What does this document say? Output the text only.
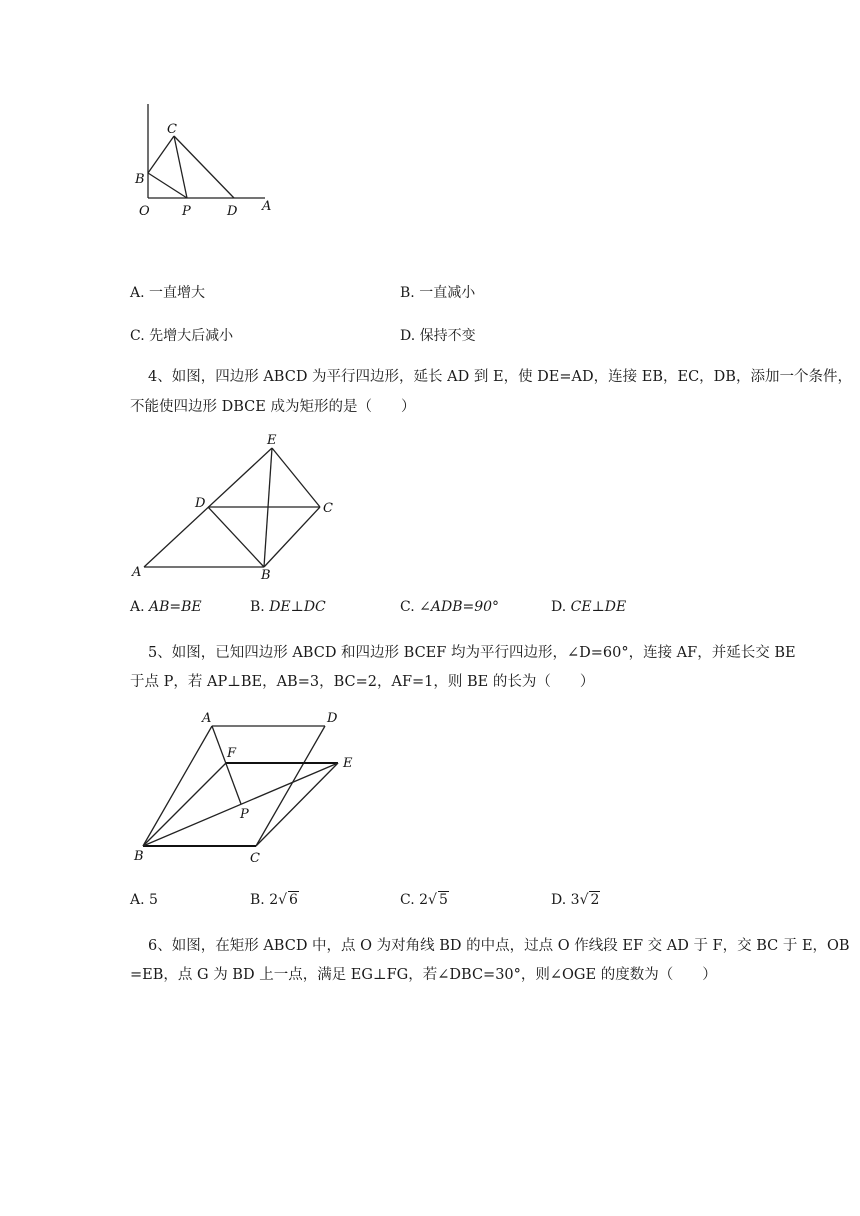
C
B
O P	D A
A. 一直增大	B. 一直减小
C. 先增大后减小	D. 保持不变
4、如图，四边形 ABCD 为平行四边形，延长 AD 到 E，使 DE=AD，连接 EB，EC，DB，添加一个条件，
不能使四边形 DBCE 成为矩形的是（　　）
E
D	C
A	B
A. AB=BE	B. DE⊥DC	C. ∠ADB=90°	D. CE⊥DE
5、如图，已知四边形 ABCD 和四边形 BCEF 均为平行四边形，∠D=60°，连接 AF，并延长交 BE
于点 P，若 AP⊥BE，AB=3，BC=2，AF=1，则 BE 的长为（　　）
A	D
F
E
P
B	C
A. 5	B. 2√ 6	C. 2√ 5	D. 3√ 2
6、如图，在矩形 ABCD 中，点 O 为对角线 BD 的中点，过点 O 作线段 EF 交 AD 于 F，交 BC 于 E，OB
=EB，点 G 为 BD 上一点，满足 EG⊥FG，若∠DBC=30°，则∠OGE 的度数为（　　）
